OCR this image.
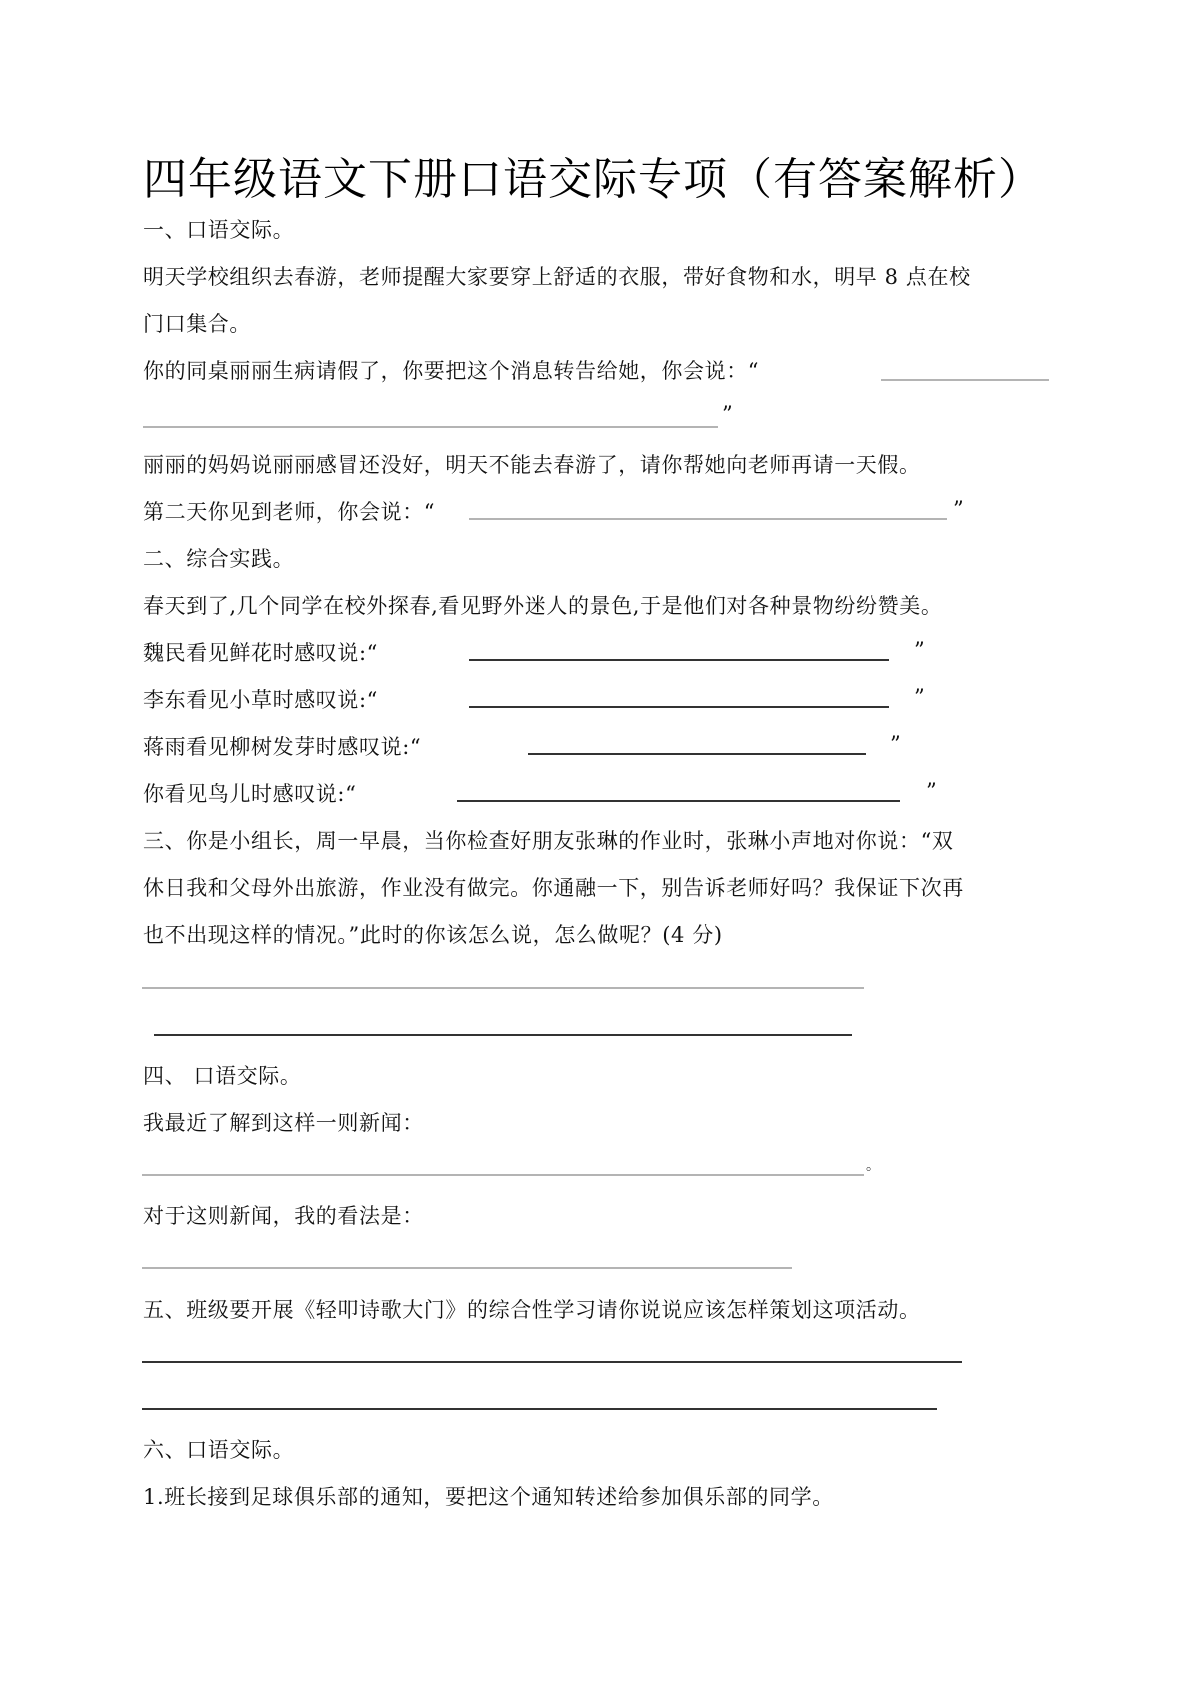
四年级语文下册口语交际专项（有答案解析）
一、口语交际。
明天学校组织去春游，老师提醒大家要穿上舒适的衣服，带好食物和水，明早 8 点在校
门口集合。
你的同桌丽丽生病请假了，你要把这个消息转告给她，你会说：“
”
丽丽的妈妈说丽丽感冒还没好，明天不能去春游了，请你帮她向老师再请一天假。
第二天你见到老师，你会说：“	”
二、综合实践。
春天到了,几个同学在校外探春,看见野外迷人的景色,于是他们对各种景物纷纷赞美。
魏民看见鲜花时感叹说:“	”
李东看见小草时感叹说:“	”
蒋雨看见柳树发芽时感叹说:“	”
你看见鸟儿时感叹说:“	”
三、你是小组长，周一早晨，当你检查好朋友张琳的作业时，张琳小声地对你说：“双
休日我和父母外出旅游，作业没有做完。你通融一下，别告诉老师好吗？我保证下次再
也不出现这样的情况。”此时的你该怎么说，怎么做呢？(4 分)
四、 口语交际。
我最近了解到这样一则新闻：
。
对于这则新闻，我的看法是：
五、班级要开展《轻叩诗歌大门》的综合性学习请你说说应该怎样策划这项活动。
六、口语交际。
1.班长接到足球俱乐部的通知，要把这个通知转述给参加俱乐部的同学。
